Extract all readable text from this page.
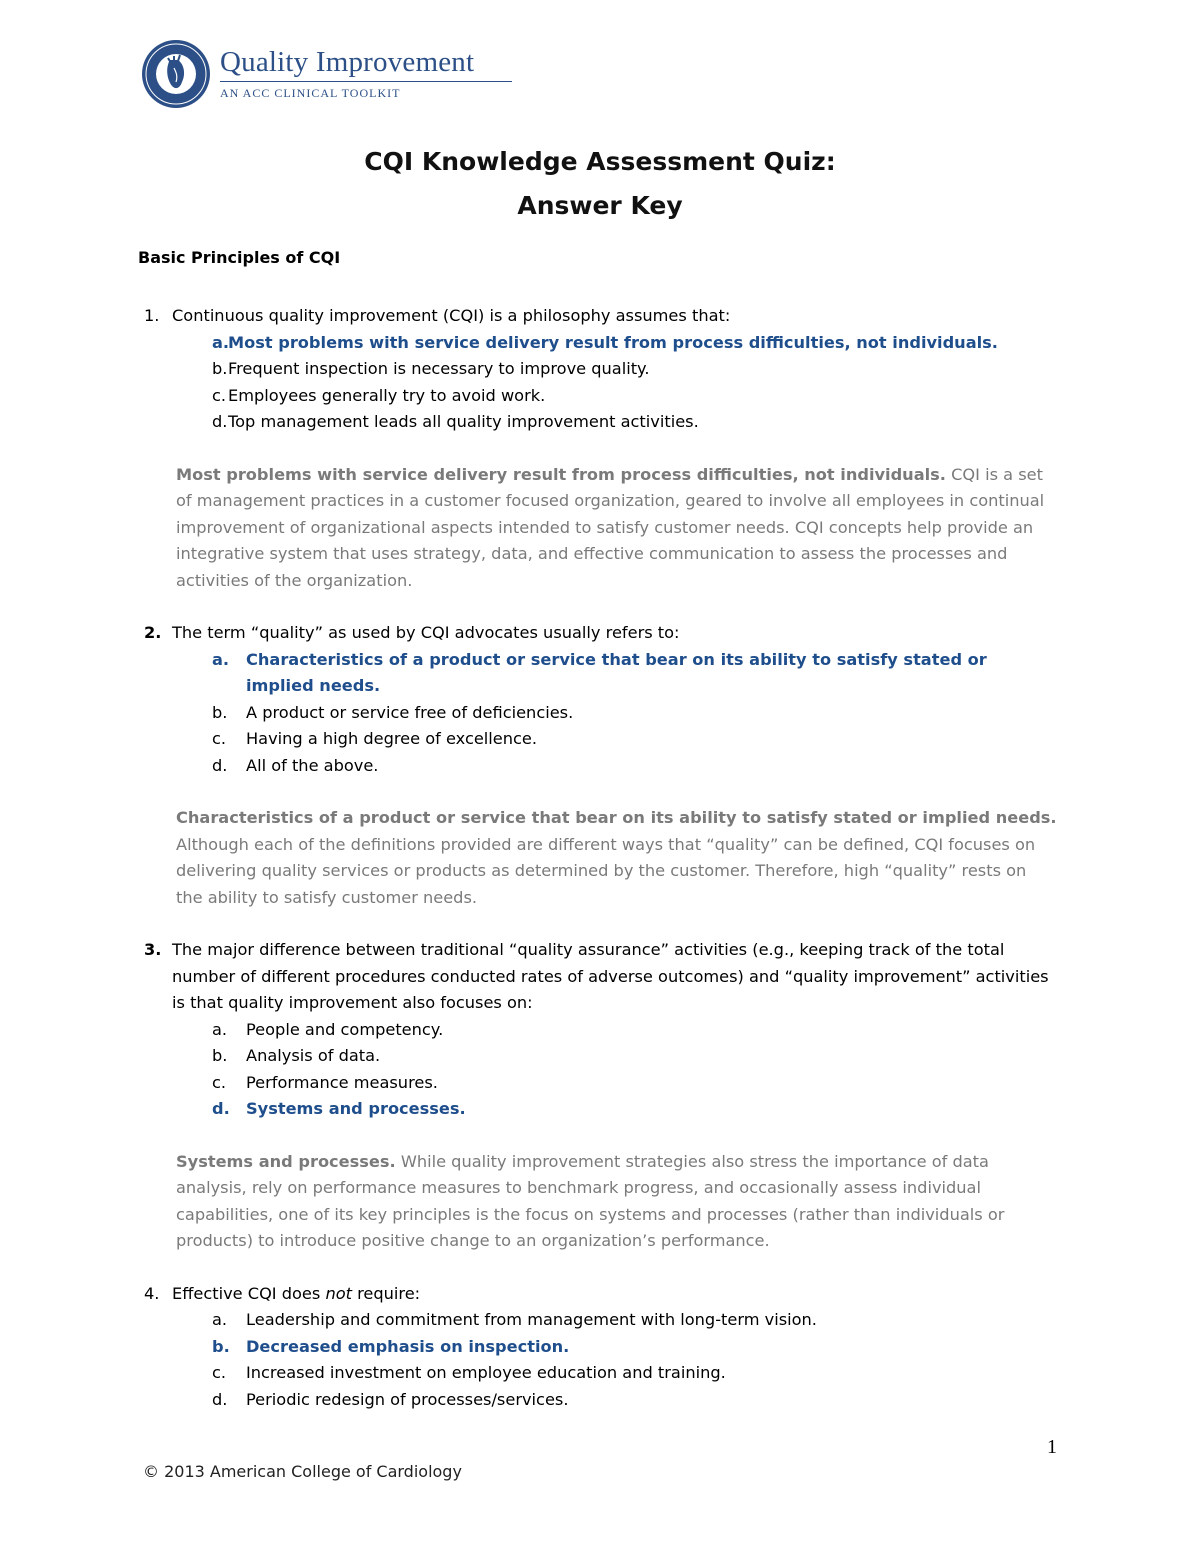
Quality Improvement
AN ACC CLINICAL TOOLKIT
CQI Knowledge Assessment Quiz:
Answer Key
Basic Principles of CQI
1. Continuous quality improvement (CQI) is a philosophy assumes that:
a.
Most problems with service delivery result from process difficulties, not individuals.
b. Frequent inspection is necessary to improve quality.
c. Employees generally try to avoid work.
d. Top management leads all quality improvement activities.

Most problems with service delivery result from process difficulties, not individuals. CQI is a set of management practices in a customer focused organization, geared to involve all employees in continual improvement of organizational aspects intended to satisfy customer needs. CQI concepts help provide an integrative system that uses strategy, data, and effective communication to assess the processes and activities of the organization.

2. The term “quality” as used by CQI advocates usually refers to:
a. Characteristics of a product or service that bear on its ability to satisfy stated or implied needs.
b. A product or service free of deficiencies.
c. Having a high degree of excellence.
d. All of the above.

Characteristics of a product or service that bear on its ability to satisfy stated or implied needs. Although each of the definitions provided are different ways that “quality” can be defined, CQI focuses on delivering quality services or products as determined by the customer. Therefore, high “quality” rests on the ability to satisfy customer needs.

3. The major difference between traditional “quality assurance” activities (e.g., keeping track of the total number of different procedures conducted rates of adverse outcomes) and “quality improvement” activities is that quality improvement also focuses on:
a. People and competency.
b. Analysis of data.
c. Performance measures.
d. Systems and processes.

Systems and processes. While quality improvement strategies also stress the importance of data analysis, rely on performance measures to benchmark progress, and occasionally assess individual capabilities, one of its key principles is the focus on systems and processes (rather than individuals or products) to introduce positive change to an organization’s performance.

4. Effective CQI does not require:
a. Leadership and commitment from management with long-term vision.
b. Decreased emphasis on inspection.
c. Increased investment on employee education and training.
d. Periodic redesign of processes/services.
1
© 2013 American College of Cardiology
